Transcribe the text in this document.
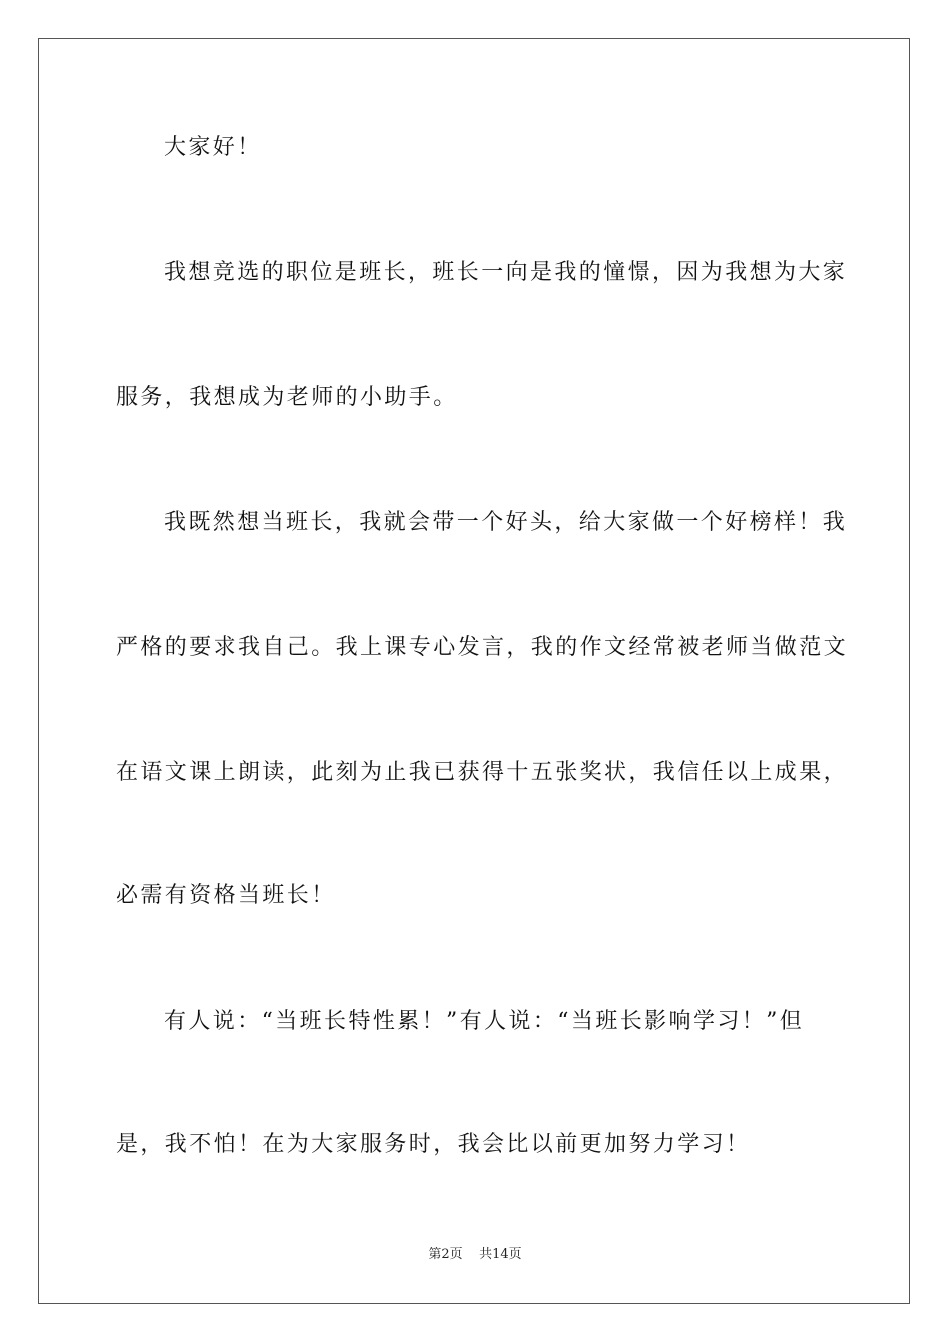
大家好！
我想竞选的职位是班长，班长一向是我的憧憬，因为我想为大家
服务，我想成为老师的小助手。
我既然想当班长，我就会带一个好头，给大家做一个好榜样！我
严格的要求我自己。我上课专心发言，我的作文经常被老师当做范文
在语文课上朗读，此刻为止我已获得十五张奖状，我信任以上成果，
必需有资格当班长！
有人说：“当班长特性累！”有人说：“当班长影响学习！”但
是，我不怕！在为大家服务时，我会比以前更加努力学习！
第2页 共14页
